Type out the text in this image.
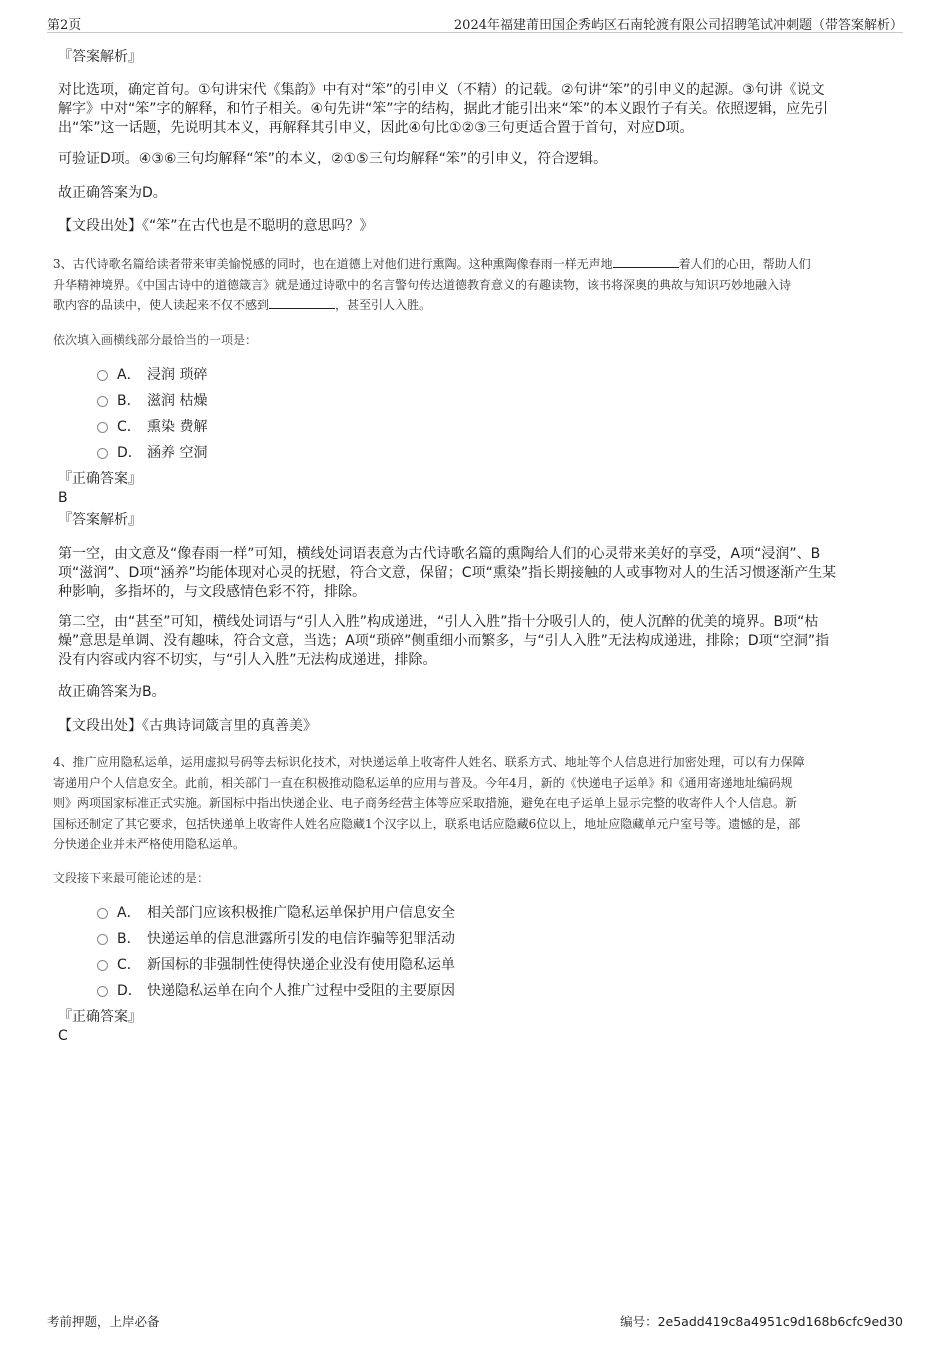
第2页	2024年福建莆田国企秀屿区石南轮渡有限公司招聘笔试冲刺题（带答案解析）
『答案解析』
对比选项，确定首句。①句讲宋代《集韵》中有对“笨”的引申义（不精）的记载。②句讲“笨”的引申义的起源。③句讲《说文
解字》中对“笨”字的解释，和竹子相关。④句先讲“笨”字的结构，据此才能引出来“笨”的本义跟竹子有关。依照逻辑，应先引
出“笨”这一话题，先说明其本义，再解释其引申义，因此④句比①②③三句更适合置于首句，对应D项。
可验证D项。④③⑥三句均解释“笨”的本义，②①⑤三句均解释“笨”的引申义，符合逻辑。
故正确答案为D。
【文段出处】《“笨”在古代也是不聪明的意思吗？》
3、古代诗歌名篇给读者带来审美愉悦感的同时，也在道德上对他们进行熏陶。这种熏陶像春雨一样无声地	着人们的心田，帮助人们
升华精神境界。《中国古诗中的道德箴言》就是通过诗歌中的名言警句传达道德教育意义的有趣读物，该书将深奥的典故与知识巧妙地融入诗
歌内容的品读中，使人读起来不仅不感到	，甚至引人入胜。
依次填入画横线部分最恰当的一项是：
A． 浸润 琐碎
B． 滋润 枯燥
C． 熏染 费解
D． 涵养 空洞
『正确答案』
B
『答案解析』
第一空，由文意及“像春雨一样”可知，横线处词语表意为古代诗歌名篇的熏陶给人们的心灵带来美好的享受，A项“浸润”、B
项“滋润”、D项“涵养”均能体现对心灵的抚慰，符合文意，保留；C项“熏染”指长期接触的人或事物对人的生活习惯逐渐产生某
种影响，多指坏的，与文段感情色彩不符，排除。
第二空，由“甚至”可知，横线处词语与“引人入胜”构成递进，“引人入胜”指十分吸引人的，使人沉醉的优美的境界。B项“枯
燥”意思是单调、没有趣味，符合文意，当选；A项“琐碎”侧重细小而繁多，与“引人入胜”无法构成递进，排除；D项“空洞”指
没有内容或内容不切实，与“引人入胜”无法构成递进，排除。
故正确答案为B。
【文段出处】《古典诗词箴言里的真善美》
4、推广应用隐私运单，运用虚拟号码等去标识化技术，对快递运单上收寄件人姓名、联系方式、地址等个人信息进行加密处理，可以有力保障
寄递用户个人信息安全。此前，相关部门一直在积极推动隐私运单的应用与普及。今年4月，新的《快递电子运单》和《通用寄递地址编码规
则》两项国家标准正式实施。新国标中指出快递企业、电子商务经营主体等应采取措施，避免在电子运单上显示完整的收寄件人个人信息。新
国标还制定了其它要求，包括快递单上收寄件人姓名应隐藏1个汉字以上，联系电话应隐藏6位以上，地址应隐藏单元户室号等。遗憾的是，部
分快递企业并未严格使用隐私运单。
文段接下来最可能论述的是：
A． 相关部门应该积极推广隐私运单保护用户信息安全
B． 快递运单的信息泄露所引发的电信诈骗等犯罪活动
C． 新国标的非强制性使得快递企业没有使用隐私运单
D． 快递隐私运单在向个人推广过程中受阻的主要原因
『正确答案』
C
考前押题，上岸必备	编号：2e5add419c8a4951c9d168b6cfc9ed30
